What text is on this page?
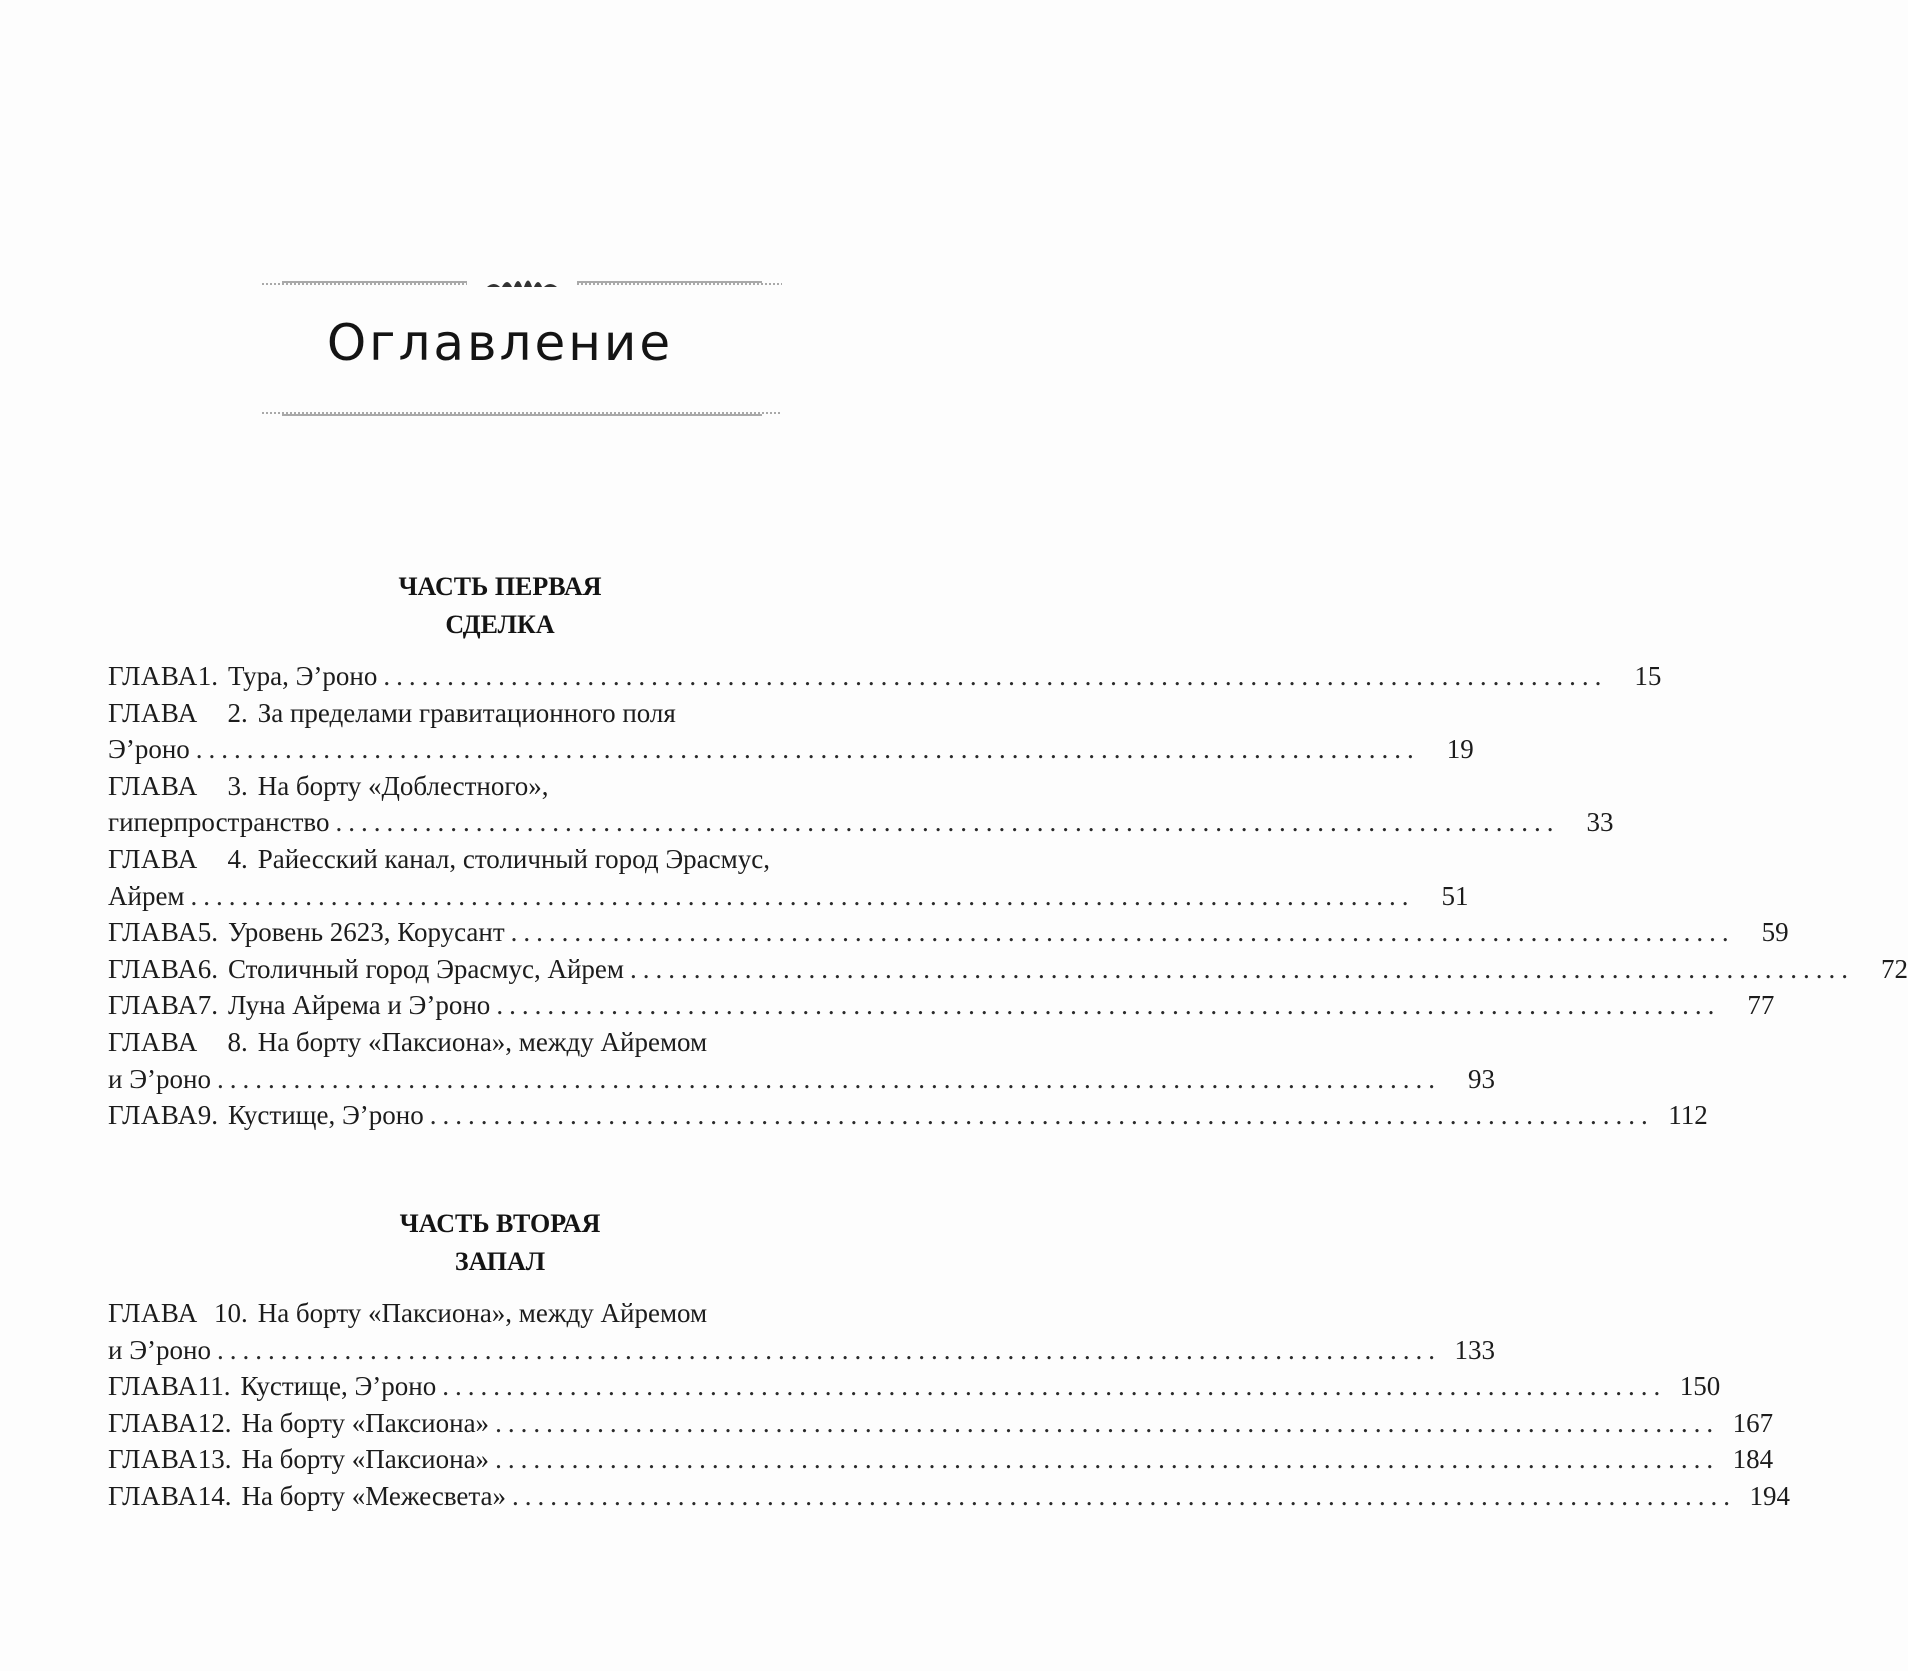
Оглавление
ЧАСТЬ ПЕРВАЯ
СДЕЛКА
ГЛАВА 1. Тура, Э’роно ................................................................................................	15
ГЛАВА	2. За пределами гравитационного поля
Э’роно ................................................................................................	19
ГЛАВА	3. На борту «Доблестного»,
гиперпространство ................................................................................................	33
ГЛАВА	4. Райесский канал, столичный город Эрасмус,
Айрем ................................................................................................	51
ГЛАВА 5. Уровень 2623, Корусант ................................................................................................	59
ГЛАВА 6. Столичный город Эрасмус, Айрем ................................................................................................	72
ГЛАВА 7. Луна Айрема и Э’роно ................................................................................................	77
ГЛАВА	8. На борту «Паксиона», между Айремом
и Э’роно ................................................................................................	93
ГЛАВА 9. Кустище, Э’роно ................................................................................................ 112
ЧАСТЬ ВТОРАЯ
ЗАПАЛ
ГЛАВА 10. На борту «Паксиона», между Айремом
и Э’роно ................................................................................................ 133
ГЛАВА 11. Кустище, Э’роно ................................................................................................ 150
ГЛАВА 12. На борту «Паксиона» ................................................................................................ 167
ГЛАВА 13. На борту «Паксиона» ................................................................................................ 184
ГЛАВА 14. На борту «Межесвета» ................................................................................................ 194
